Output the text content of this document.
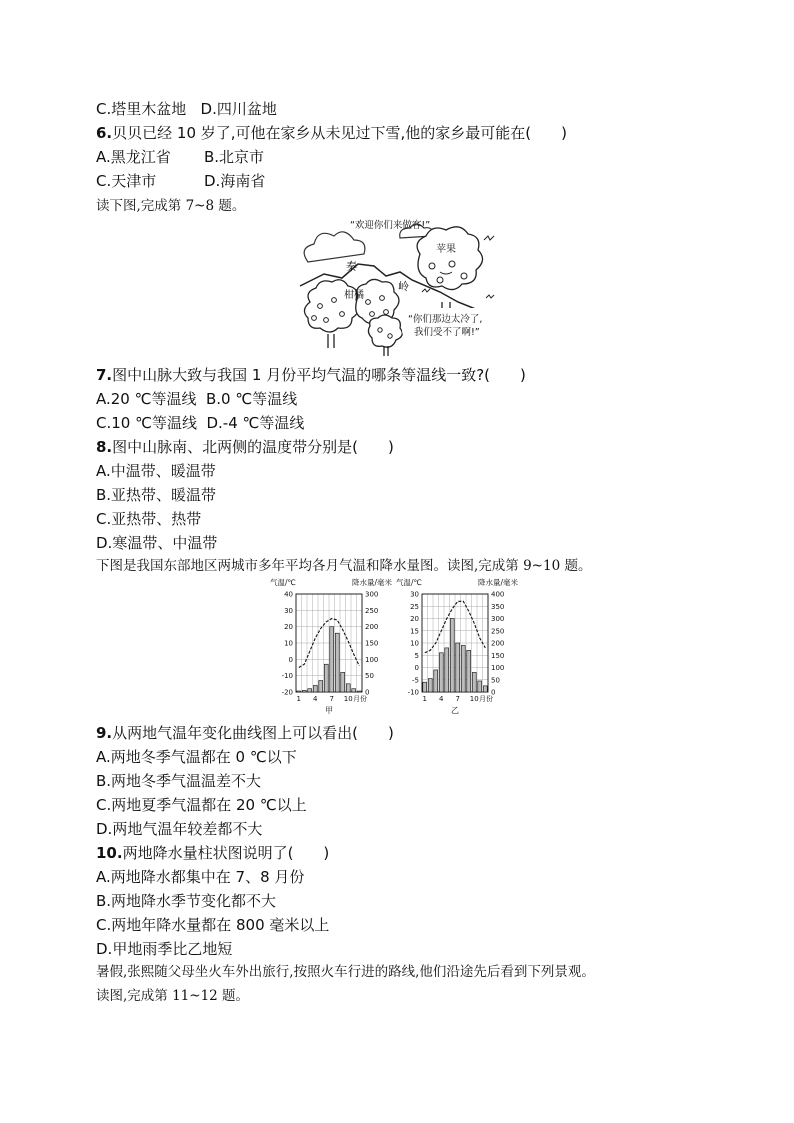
C.塔里木盆地   D.四川盆地
6.贝贝已经 10 岁了,可他在家乡从未见过下雪,他的家乡最可能在(　　)
A.黑龙江省 B.北京市
C.天津市	D.海南省
读下图,完成第 7~8 题。
“欢迎你们来做客!”
苹果
秦
岭
柑橘
“你们那边太冷了,
我们受不了啊!”
7.图中山脉大致与我国 1 月份平均气温的哪条等温线一致?(　　)
A.20 ℃等温线  B.0 ℃等温线
C.10 ℃等温线  D.-4 ℃等温线
8.图中山脉南、北两侧的温度带分别是(　　)
A.中温带、暖温带
B.亚热带、暖温带
C.亚热带、热带
D.寒温带、中温带
下图是我国东部地区两城市多年平均各月气温和降水量图。读图,完成第 9~10 题。
气温/℃	降水量/毫米
-20
-10
0
10
20
30
40
0
50
100
150
200
250
300
1 4 7 10 月份
甲
气温/℃	降水量/毫米
-10
-5
0
5
10
15
20
25
30
0
50
100
150
200
250
300
350
400
1 4 7 10 月份
乙
9.从两地气温年变化曲线图上可以看出(　　)
A.两地冬季气温都在 0 ℃以下
B.两地冬季气温温差不大
C.两地夏季气温都在 20 ℃以上
D.两地气温年较差都不大
10.两地降水量柱状图说明了(　　)
A.两地降水都集中在 7、8 月份
B.两地降水季节变化都不大
C.两地年降水量都在 800 毫米以上
D.甲地雨季比乙地短
暑假,张熙随父母坐火车外出旅行,按照火车行进的路线,他们沿途先后看到下列景观。
读图,完成第 11~12 题。
